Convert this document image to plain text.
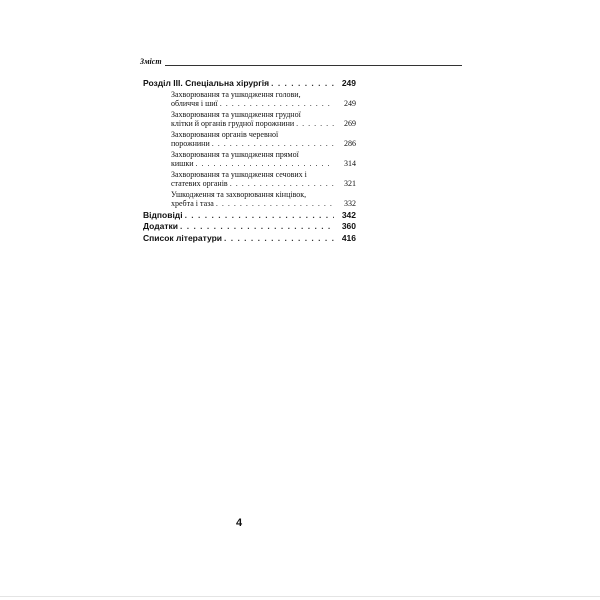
Зміст
Розділ III. Спеціальна хірургія . . .	249
Захворювання та ушкодження голови,
обличчя і шиї . . .	249
Захворювання та ушкодження грудної
клітки й органів грудної порожнини . . .	269
Захворювання органів черевної
порожнини . . .	286
Захворювання та ушкодження прямої
кишки . . .	314
Захворювання та ушкодження сечових і
статевих органів . . .	321
Ушкодження та захворювання кінцівок,
хребта і таза . . .	332
Відповіді . . .	342
Додатки . . .	360
Список літератури . . .	416
4
